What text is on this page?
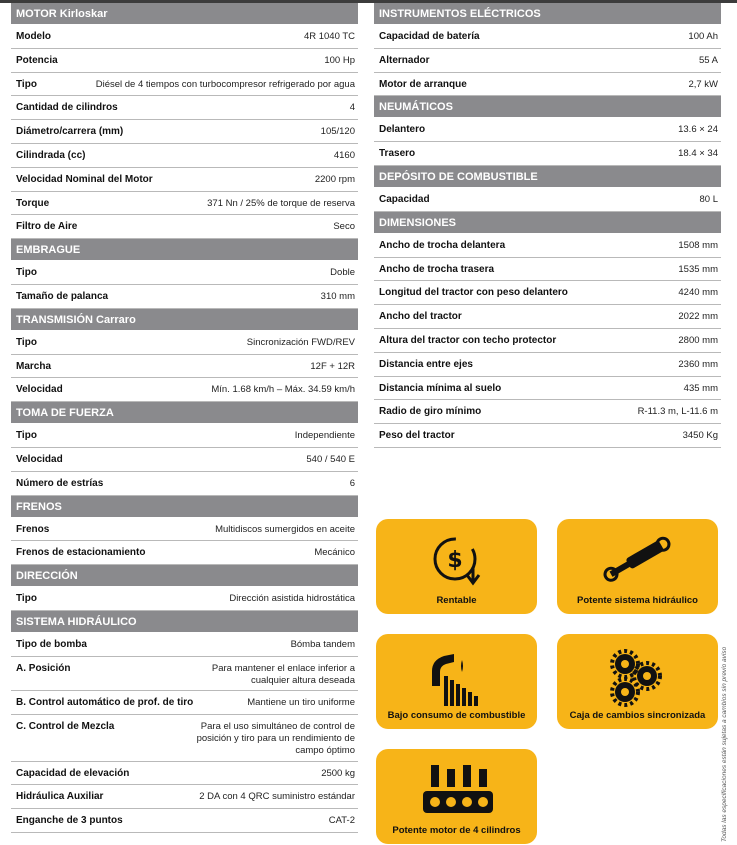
MOTOR Kirloskar
Modelo	4R 1040 TC
Potencia	100 Hp
Tipo	Diésel de 4 tiempos con turbocompresor refrigerado por agua
Cantidad de cilindros	4
Diámetro/carrera (mm)	105/120
Cilindrada (cc)	4160
Velocidad Nominal del Motor	2200 rpm
Torque	371 Nn / 25% de torque de reserva
Filtro de Aire	Seco
EMBRAGUE
Tipo	Doble
Tamaño de palanca	310 mm
TRANSMISIÓN Carraro
Tipo	Sincronización FWD/REV
Marcha	12F + 12R
Velocidad	Mín. 1.68 km/h – Máx. 34.59 km/h
TOMA DE FUERZA
Tipo	Independiente
Velocidad	540 / 540 E
Número de estrías	6
FRENOS
Frenos	Multidiscos sumergidos en aceite
Frenos de estacionamiento	Mecánico
DIRECCIÓN
Tipo	Dirección asistida hidrostática
SISTEMA HIDRÁULICO
Tipo de bomba	Bómba tandem
A. Posición	Para mantener el enlace inferior a cualquier altura deseada
B. Control automático de prof. de tiro	Mantiene un tiro uniforme
C. Control de Mezcla	Para el uso simultáneo de control de posición y tiro para un rendimiento de campo óptimo
Capacidad de elevación	2500 kg
Hidráulica Auxiliar	2 DA con 4 QRC suministro estándar
Enganche de 3 puntos	CAT-2
INSTRUMENTOS ELÉCTRICOS
Capacidad de batería	100 Ah
Alternador	55 A
Motor de arranque	2,7 kW
NEUMÁTICOS
Delantero	13.6 × 24
Trasero	18.4 × 34
DEPÓSITO DE COMBUSTIBLE
Capacidad	80 L
DIMENSIONES
Ancho de trocha delantera	1508 mm
Ancho de trocha trasera	1535 mm
Longitud del tractor con peso delantero	4240 mm
Ancho del tractor	2022 mm
Altura del tractor con techo protector	2800 mm
Distancia entre ejes	2360 mm
Distancia mínima al suelo	435 mm
Radio de giro mínimo	R-11.3 m, L-11.6 m
Peso del tractor	3450 Kg
$
Rentable	Potente sistema hidráulico
Bajo consumo de combustible	Caja de cambios sincronizada
Potente motor de 4 cilindros	Todas las especificaciones están sujetas a cambios sin previo aviso
